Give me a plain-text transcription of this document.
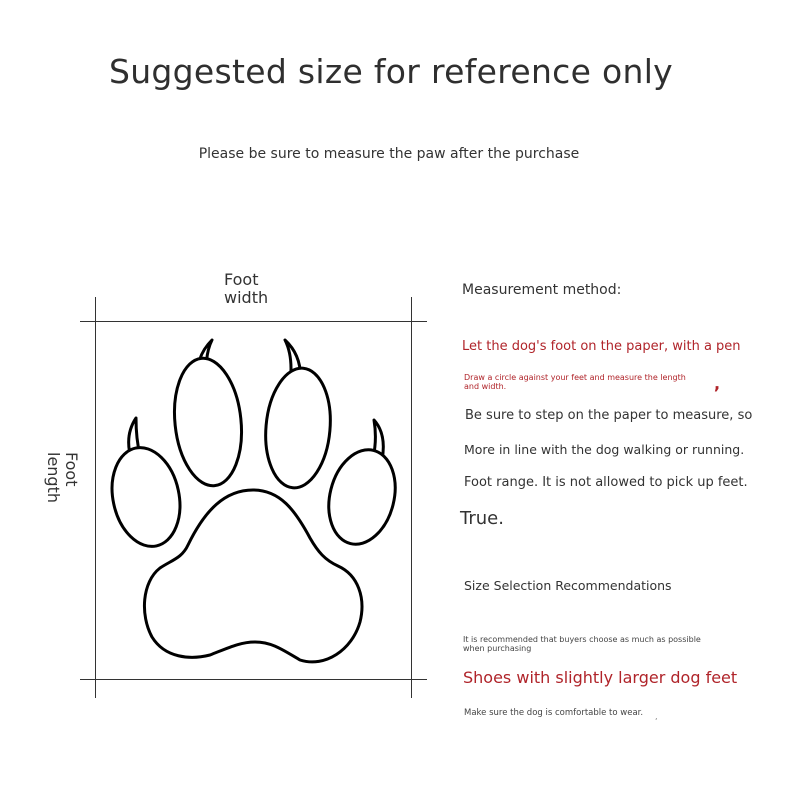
Suggested size for reference only
Please be sure to measure the paw after the purchase
Foot
width
Foot
length
Measurement method:
Let the dog's foot on the paper, with a pen
Draw a circle against your feet and measure the length and width.	,
Be sure to step on the paper to measure, so
More in line with the dog walking or running.
Foot range. It is not allowed to pick up feet.
True.
Size Selection Recommendations
It is recommended that buyers choose as much as possible when purchasing
Shoes with slightly larger dog feet
Make sure the dog is comfortable to wear. ,
